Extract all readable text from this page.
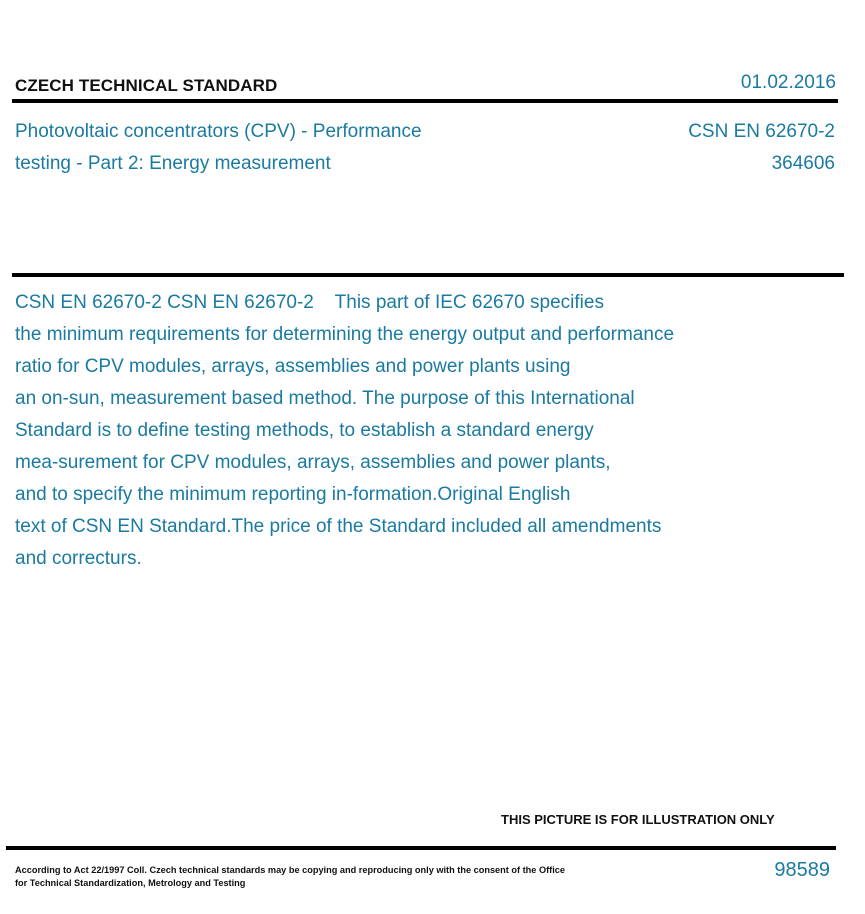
CZECH TECHNICAL STANDARD	01.02.2016
Photovoltaic concentrators (CPV) - Performance
testing - Part 2: Energy measurement
CSN EN 62670-2
364606
CSN EN 62670-2 CSN EN 62670-2    This part of IEC 62670 specifies
the minimum requirements for determining the energy output and performance
ratio for CPV modules, arrays, assemblies and power plants using
an on-sun, measurement based method. The purpose of this International
Standard is to define testing methods, to establish a standard energy
mea-surement for CPV modules, arrays, assemblies and power plants,
and to specify the minimum reporting in-formation.Original English
text of CSN EN Standard.The price of the Standard included all amendments
and correcturs.
THIS PICTURE IS FOR ILLUSTRATION ONLY
According to Act 22/1997 Coll. Czech technical standards may be copying and reproducing only with the consent of the Office
for Technical Standardization, Metrology and Testing
98589
